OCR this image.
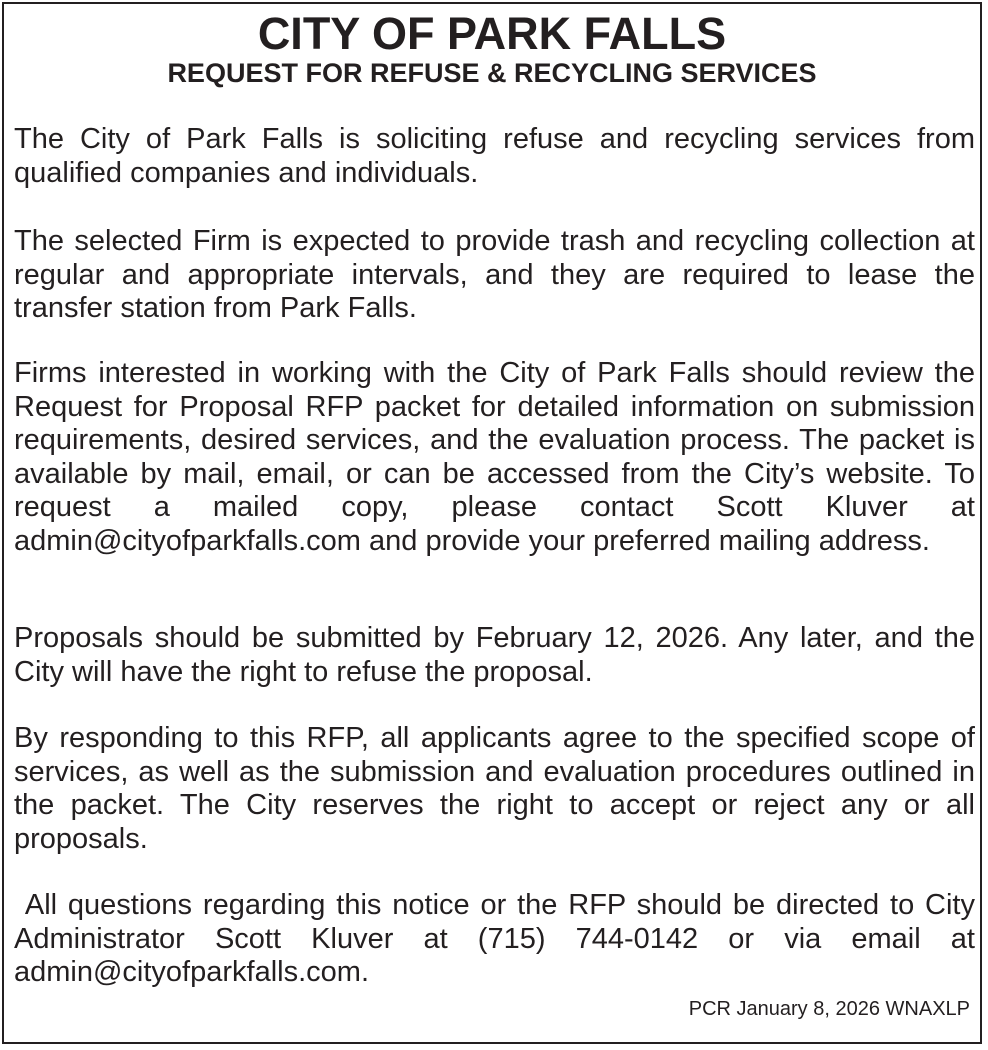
CITY OF PARK FALLS
REQUEST FOR REFUSE & RECYCLING SERVICES

The City of Park Falls is soliciting refuse and recycling services from qualified companies and individuals.

The selected Firm is expected to provide trash and recycling collection at regular and appropriate intervals, and they are required to lease the transfer station from Park Falls.

Firms interested in working with the City of Park Falls should review the Request for Proposal RFP packet for detailed information on submission requirements, desired services, and the evaluation process. The packet is available by mail, email, or can be accessed from the City’s website. To request a mailed copy, please contact Scott Kluver at admin@cityofparkfalls.com and provide your preferred mailing address.

Proposals should be submitted by February 12, 2026. Any later, and the City will have the right to refuse the proposal.

By responding to this RFP, all applicants agree to the specified scope of services, as well as the submission and evaluation procedures outlined in the packet. The City reserves the right to accept or reject any or all proposals.

All questions regarding this notice or the RFP should be directed to City Administrator Scott Kluver at (715) 744-0142 or via email at admin@cityofparkfalls.com.

PCR January 8, 2026 WNAXLP
